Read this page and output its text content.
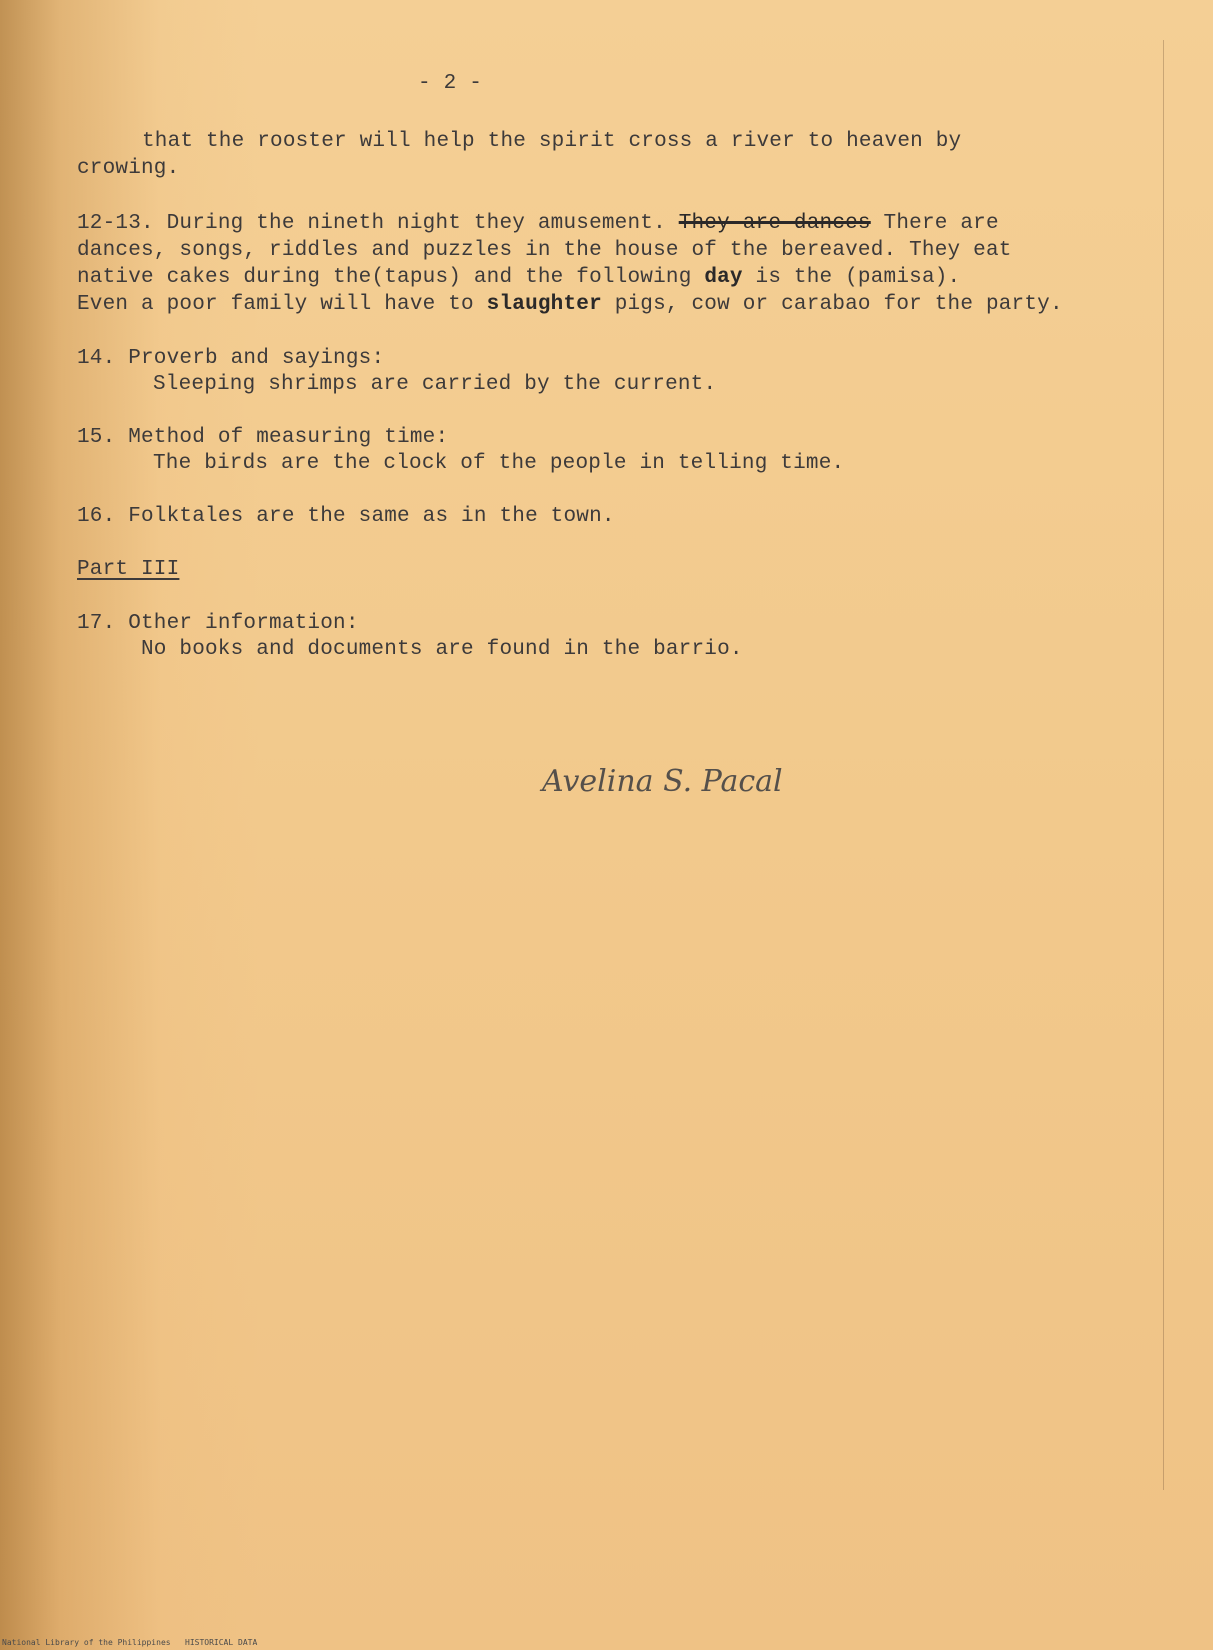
- 2 -
that the rooster will help the spirit cross a river to heaven by
crowing.
12-13. During the nineth night they amusement. They are dances There are
dances, songs, riddles and puzzles in the house of the bereaved. They eat
native cakes during the(tapus) and the following day is the (pamisa).
Even a poor family will have to slaughter pigs, cow or carabao for the party.
14. Proverb and sayings:
Sleeping shrimps are carried by the current.
15. Method of measuring time:
The birds are the clock of the people in telling time.
16. Folktales are the same as in the town.
Part III
17. Other information:
No books and documents are found in the barrio.
Avelina S. Pacal
National Library of the Philippines   HISTORICAL DATA
